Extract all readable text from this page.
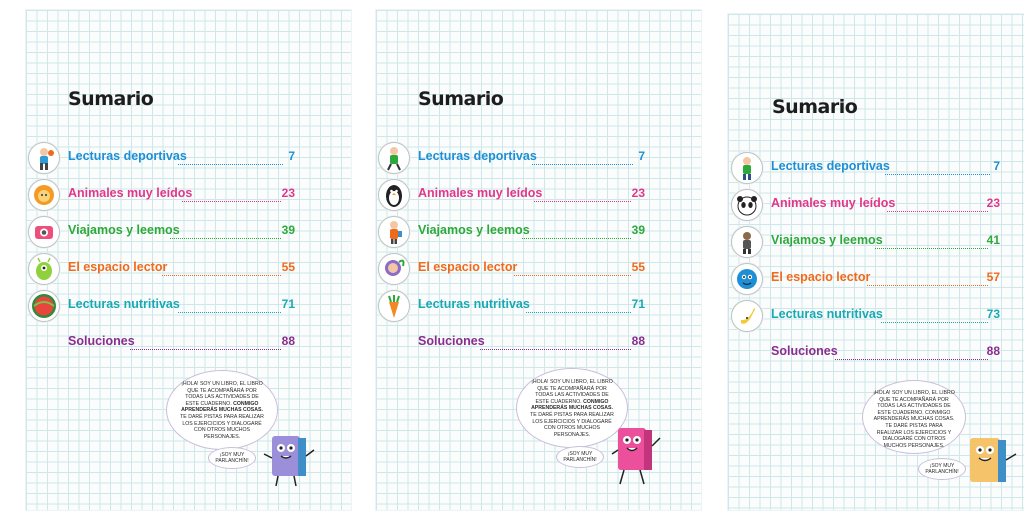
Sumario
Lecturas deportivas	7
Animales muy leídos	23
Viajamos y leemos	39
El espacio lector	55
Lecturas nutritivas	71
Soluciones	88
¡HOLA! SOY UN LIBRO, EL LIBRO QUE TE ACOMPAÑARÁ POR TODAS LAS ACTIVIDADES DE ESTE CUADERNO. CONMIGO APRENDERÁS MUCHAS COSAS. TE DARÉ PISTAS PARA REALIZAR LOS EJERCICIOS Y DIALOGARÉ CON OTROS MUCHOS PERSONAJES.
¡SOY MUY PARLANCHÍN!
Sumario
Lecturas deportivas	7
Animales muy leídos	23
Viajamos y leemos	39
El espacio lector	55
Lecturas nutritivas	71
Soluciones	88
¡HOLA! SOY UN LIBRO, EL LIBRO QUE TE ACOMPAÑARÁ POR TODAS LAS ACTIVIDADES DE ESTE CUADERNO. CONMIGO APRENDERÁS MUCHAS COSAS. TE DARÉ PISTAS PARA REALIZAR LOS EJERCICIOS Y DIALOGARÉ CON OTROS MUCHOS PERSONAJES.
¡SOY MUY PARLANCHÍN!
Sumario
Lecturas deportivas	7
Animales muy leídos	23
Viajamos y leemos	41
El espacio lector	57
Lecturas nutritivas	73
Soluciones	88
¡HOLA! SOY UN LIBRO, EL LIBRO QUE TE ACOMPAÑARÁ POR TODAS LAS ACTIVIDADES DE ESTE CUADERNO. CONMIGO APRENDERÁS MUCHAS COSAS. TE DARÉ PISTAS PARA REALIZAR LOS EJERCICIOS Y DIALOGARÉ CON OTROS MUCHOS PERSONAJES.
¡SOY MUY PARLANCHÍN!
